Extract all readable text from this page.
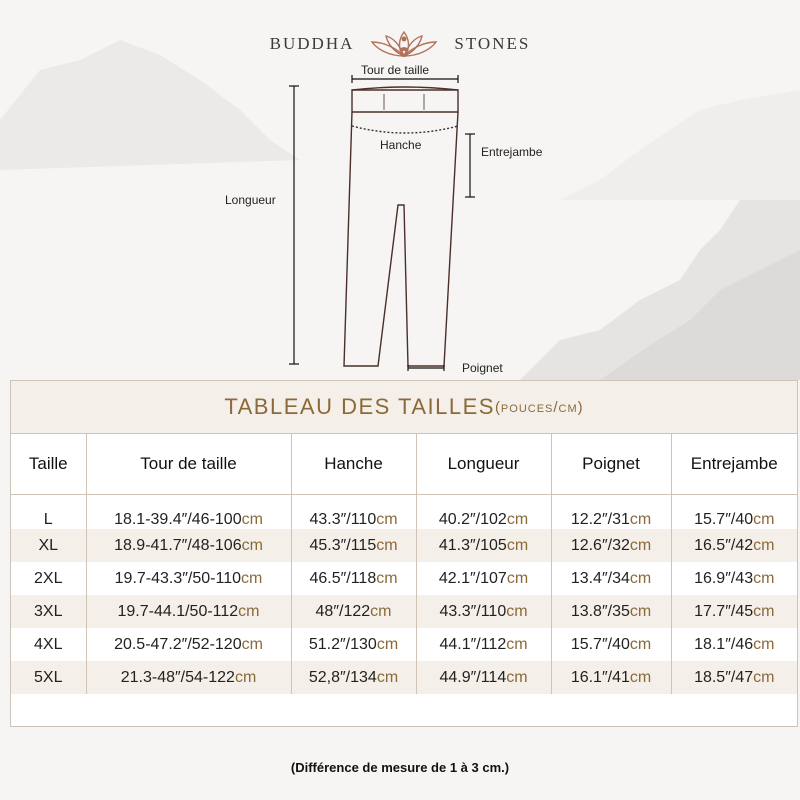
BUDDHA	STONES
Tour de taille
Hanche	Entrejambe
Longueur
Poignet
TABLEAU DES TAILLES (pouces/cm)
Taille	Tour de taille	Hanche	Longueur	Poignet	Entrejambe
L	18.1-39.4″/46-100cm	43.3″/110cm	40.2″/102cm	12.2″/31cm	15.7″/40cm
XL	18.9-41.7″/48-106cm	45.3″/115cm	41.3″/105cm	12.6″/32cm	16.5″/42cm
2XL	19.7-43.3″/50-110cm	46.5″/118cm	42.1″/107cm	13.4″/34cm	16.9″/43cm
3XL	19.7-44.1/50-112cm	48″/122cm	43.3″/110cm	13.8″/35cm	17.7″/45cm
4XL	20.5-47.2″/52-120cm	51.2″/130cm	44.1″/112cm	15.7″/40cm	18.1″/46cm
5XL	21.3-48″/54-122cm	52,8″/134cm	44.9″/114cm	16.1″/41cm	18.5″/47cm
(Différence de mesure de 1 à 3 cm.)
